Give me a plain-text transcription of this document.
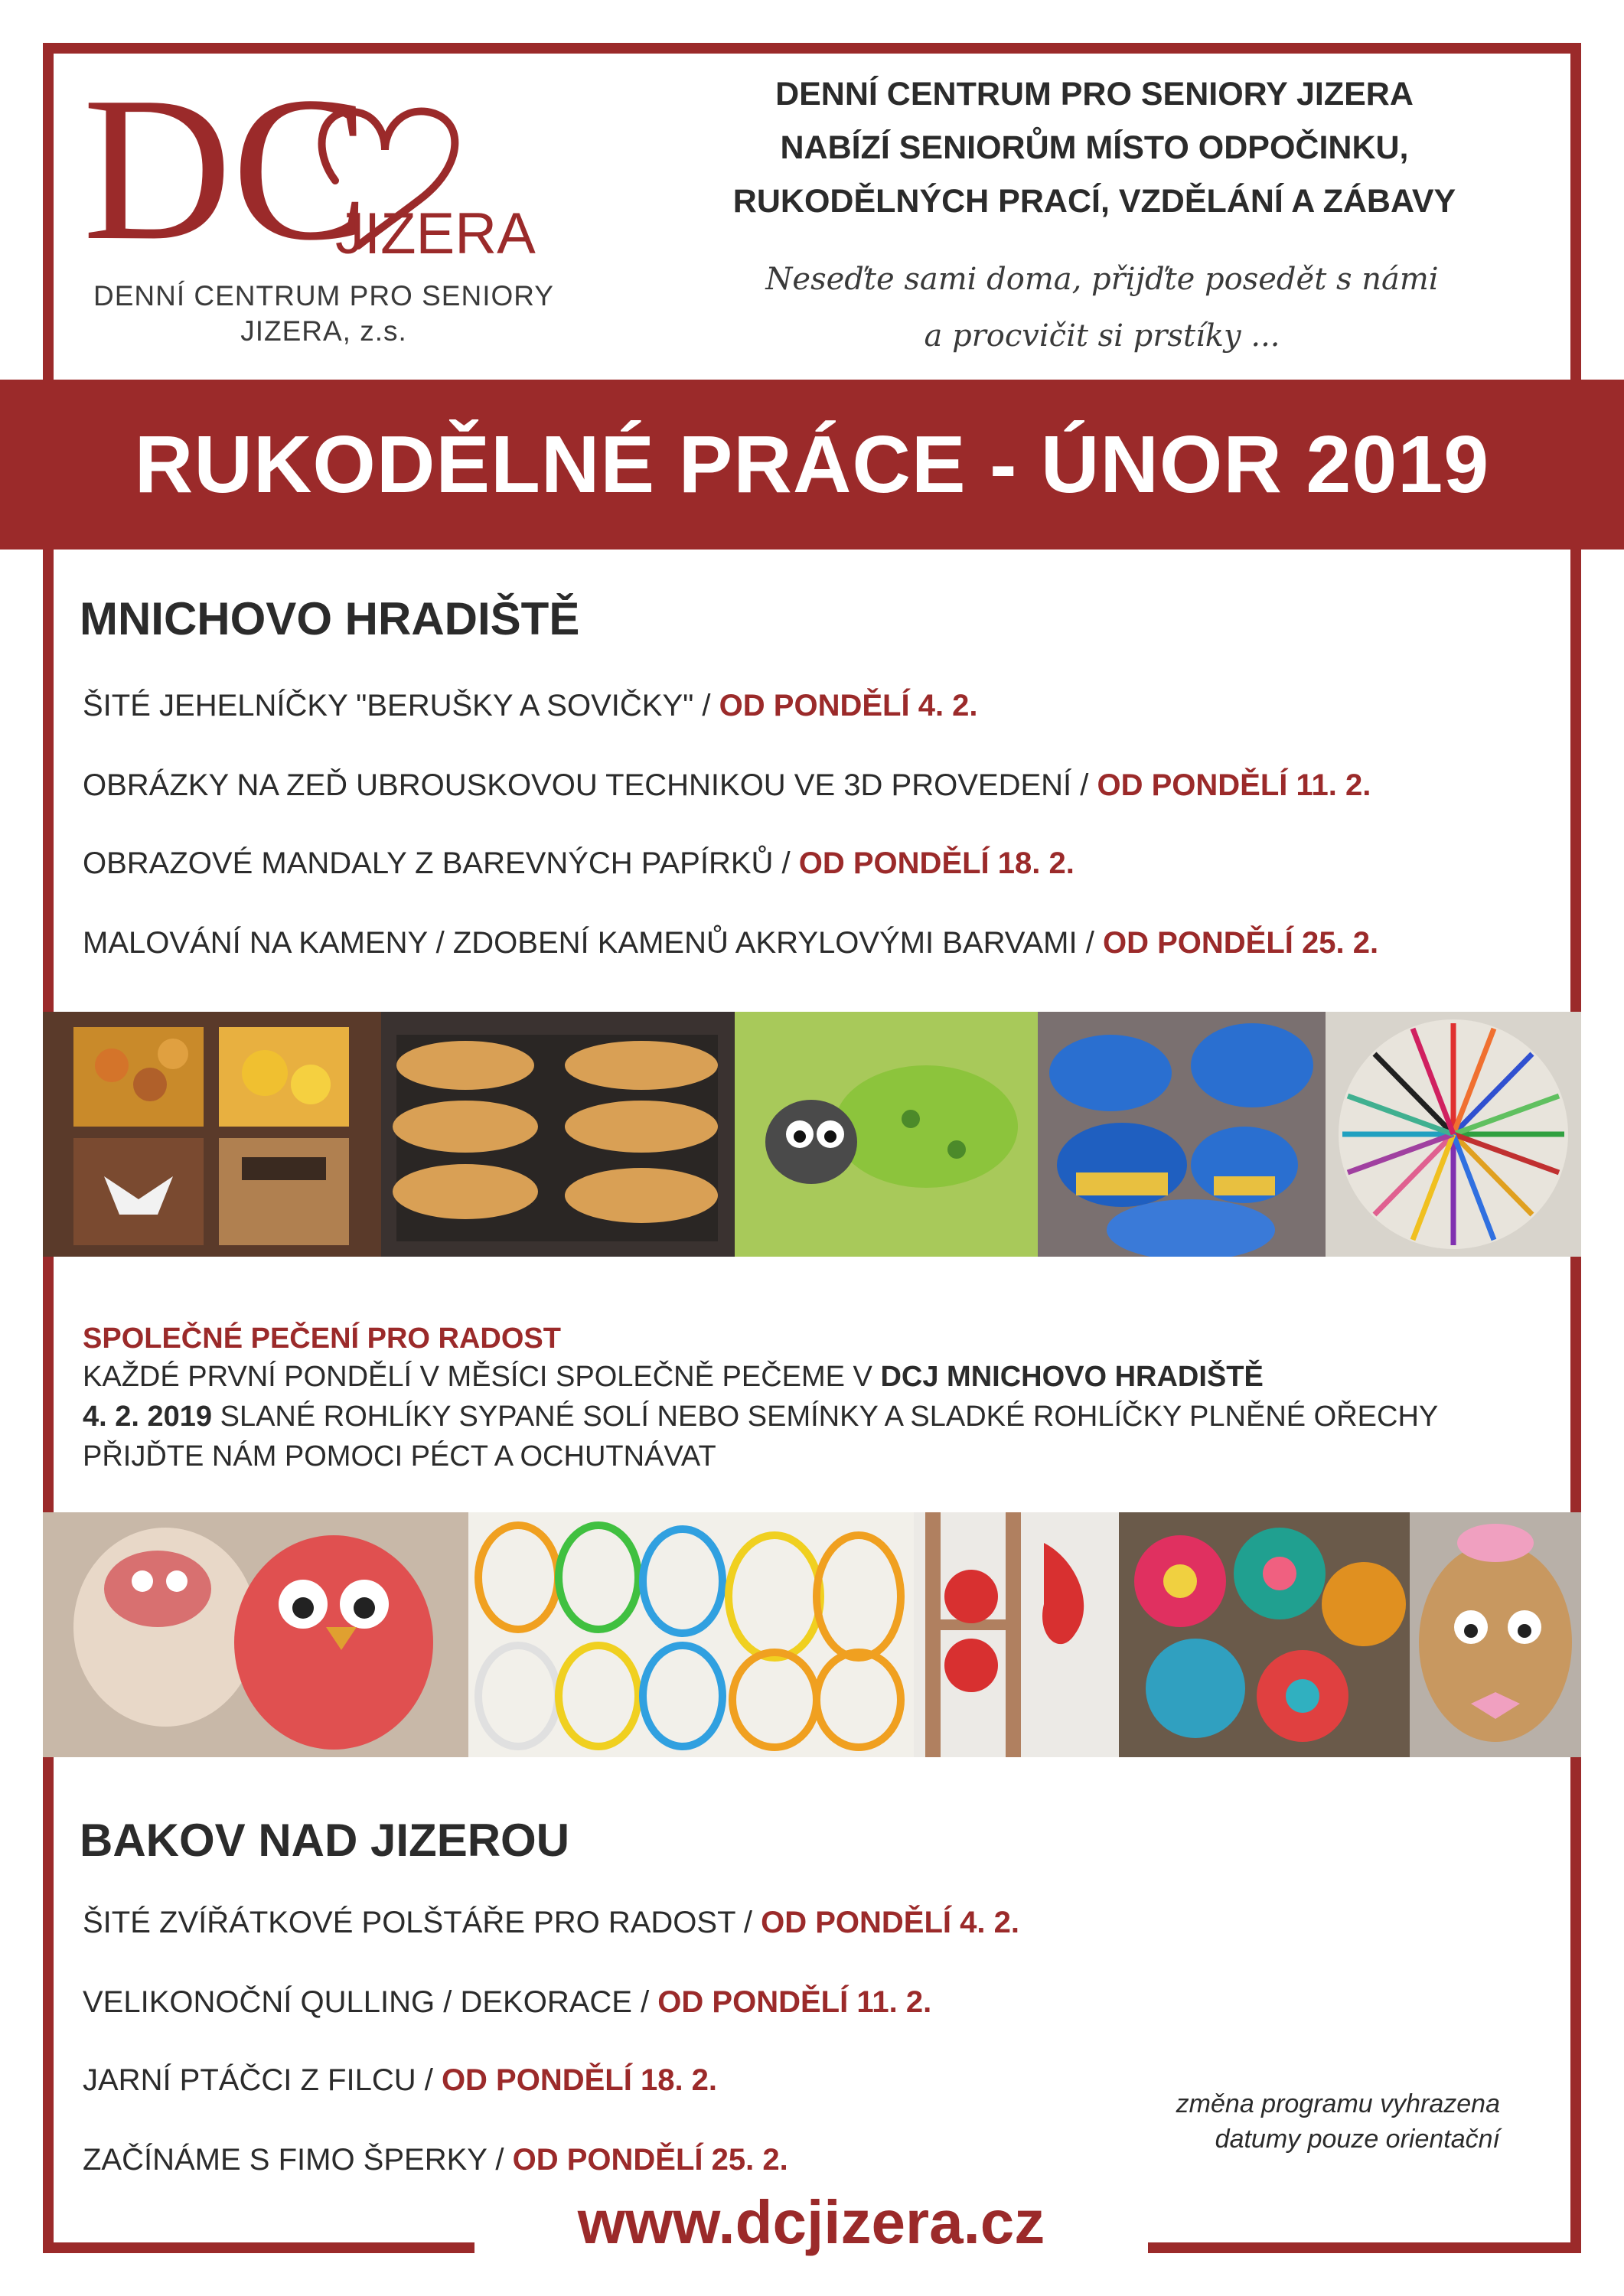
DC
JIZERA
DENNÍ CENTRUM PRO SENIORY
JIZERA, z.s.
DENNÍ CENTRUM PRO SENIORY JIZERA
NABÍZÍ SENIORŮM MÍSTO ODPOČINKU,
RUKODĚLNÝCH PRACÍ, VZDĚLÁNÍ A ZÁBAVY
Neseďte sami doma, přijďte posedět s námi
a procvičit si prstíky ...
RUKODĚLNÉ PRÁCE - ÚNOR 2019
MNICHOVO HRADIŠTĚ
ŠITÉ JEHELNÍČKY "BERUŠKY A SOVIČKY" / OD PONDĚLÍ 4. 2.
OBRÁZKY NA ZEĎ UBROUSKOVOU TECHNIKOU VE 3D PROVEDENÍ / OD PONDĚLÍ 11. 2.
OBRAZOVÉ MANDALY Z BAREVNÝCH PAPÍRKŮ / OD PONDĚLÍ 18. 2.
MALOVÁNÍ NA KAMENY / ZDOBENÍ KAMENŮ AKRYLOVÝMI BARVAMI / OD PONDĚLÍ 25. 2.
SPOLEČNÉ PEČENÍ PRO RADOST
KAŽDÉ PRVNÍ PONDĚLÍ V MĚSÍCI SPOLEČNĚ PEČEME V DCJ MNICHOVO HRADIŠTĚ
4. 2. 2019 SLANÉ ROHLÍKY SYPANÉ SOLÍ NEBO SEMÍNKY A SLADKÉ ROHLÍČKY PLNĚNÉ OŘECHY
PŘIJĎTE NÁM POMOCI PÉCT A OCHUTNÁVAT
BAKOV NAD JIZEROU
ŠITÉ ZVÍŘÁTKOVÉ POLŠTÁŘE PRO RADOST / OD PONDĚLÍ 4. 2.
VELIKONOČNÍ QULLING / DEKORACE / OD PONDĚLÍ 11. 2.
JARNÍ PTÁČCI Z FILCU / OD PONDĚLÍ 18. 2.
ZAČÍNÁME S FIMO ŠPERKY / OD PONDĚLÍ 25. 2.
změna programu vyhrazena
datumy pouze orientační
www.dcjizera.cz
